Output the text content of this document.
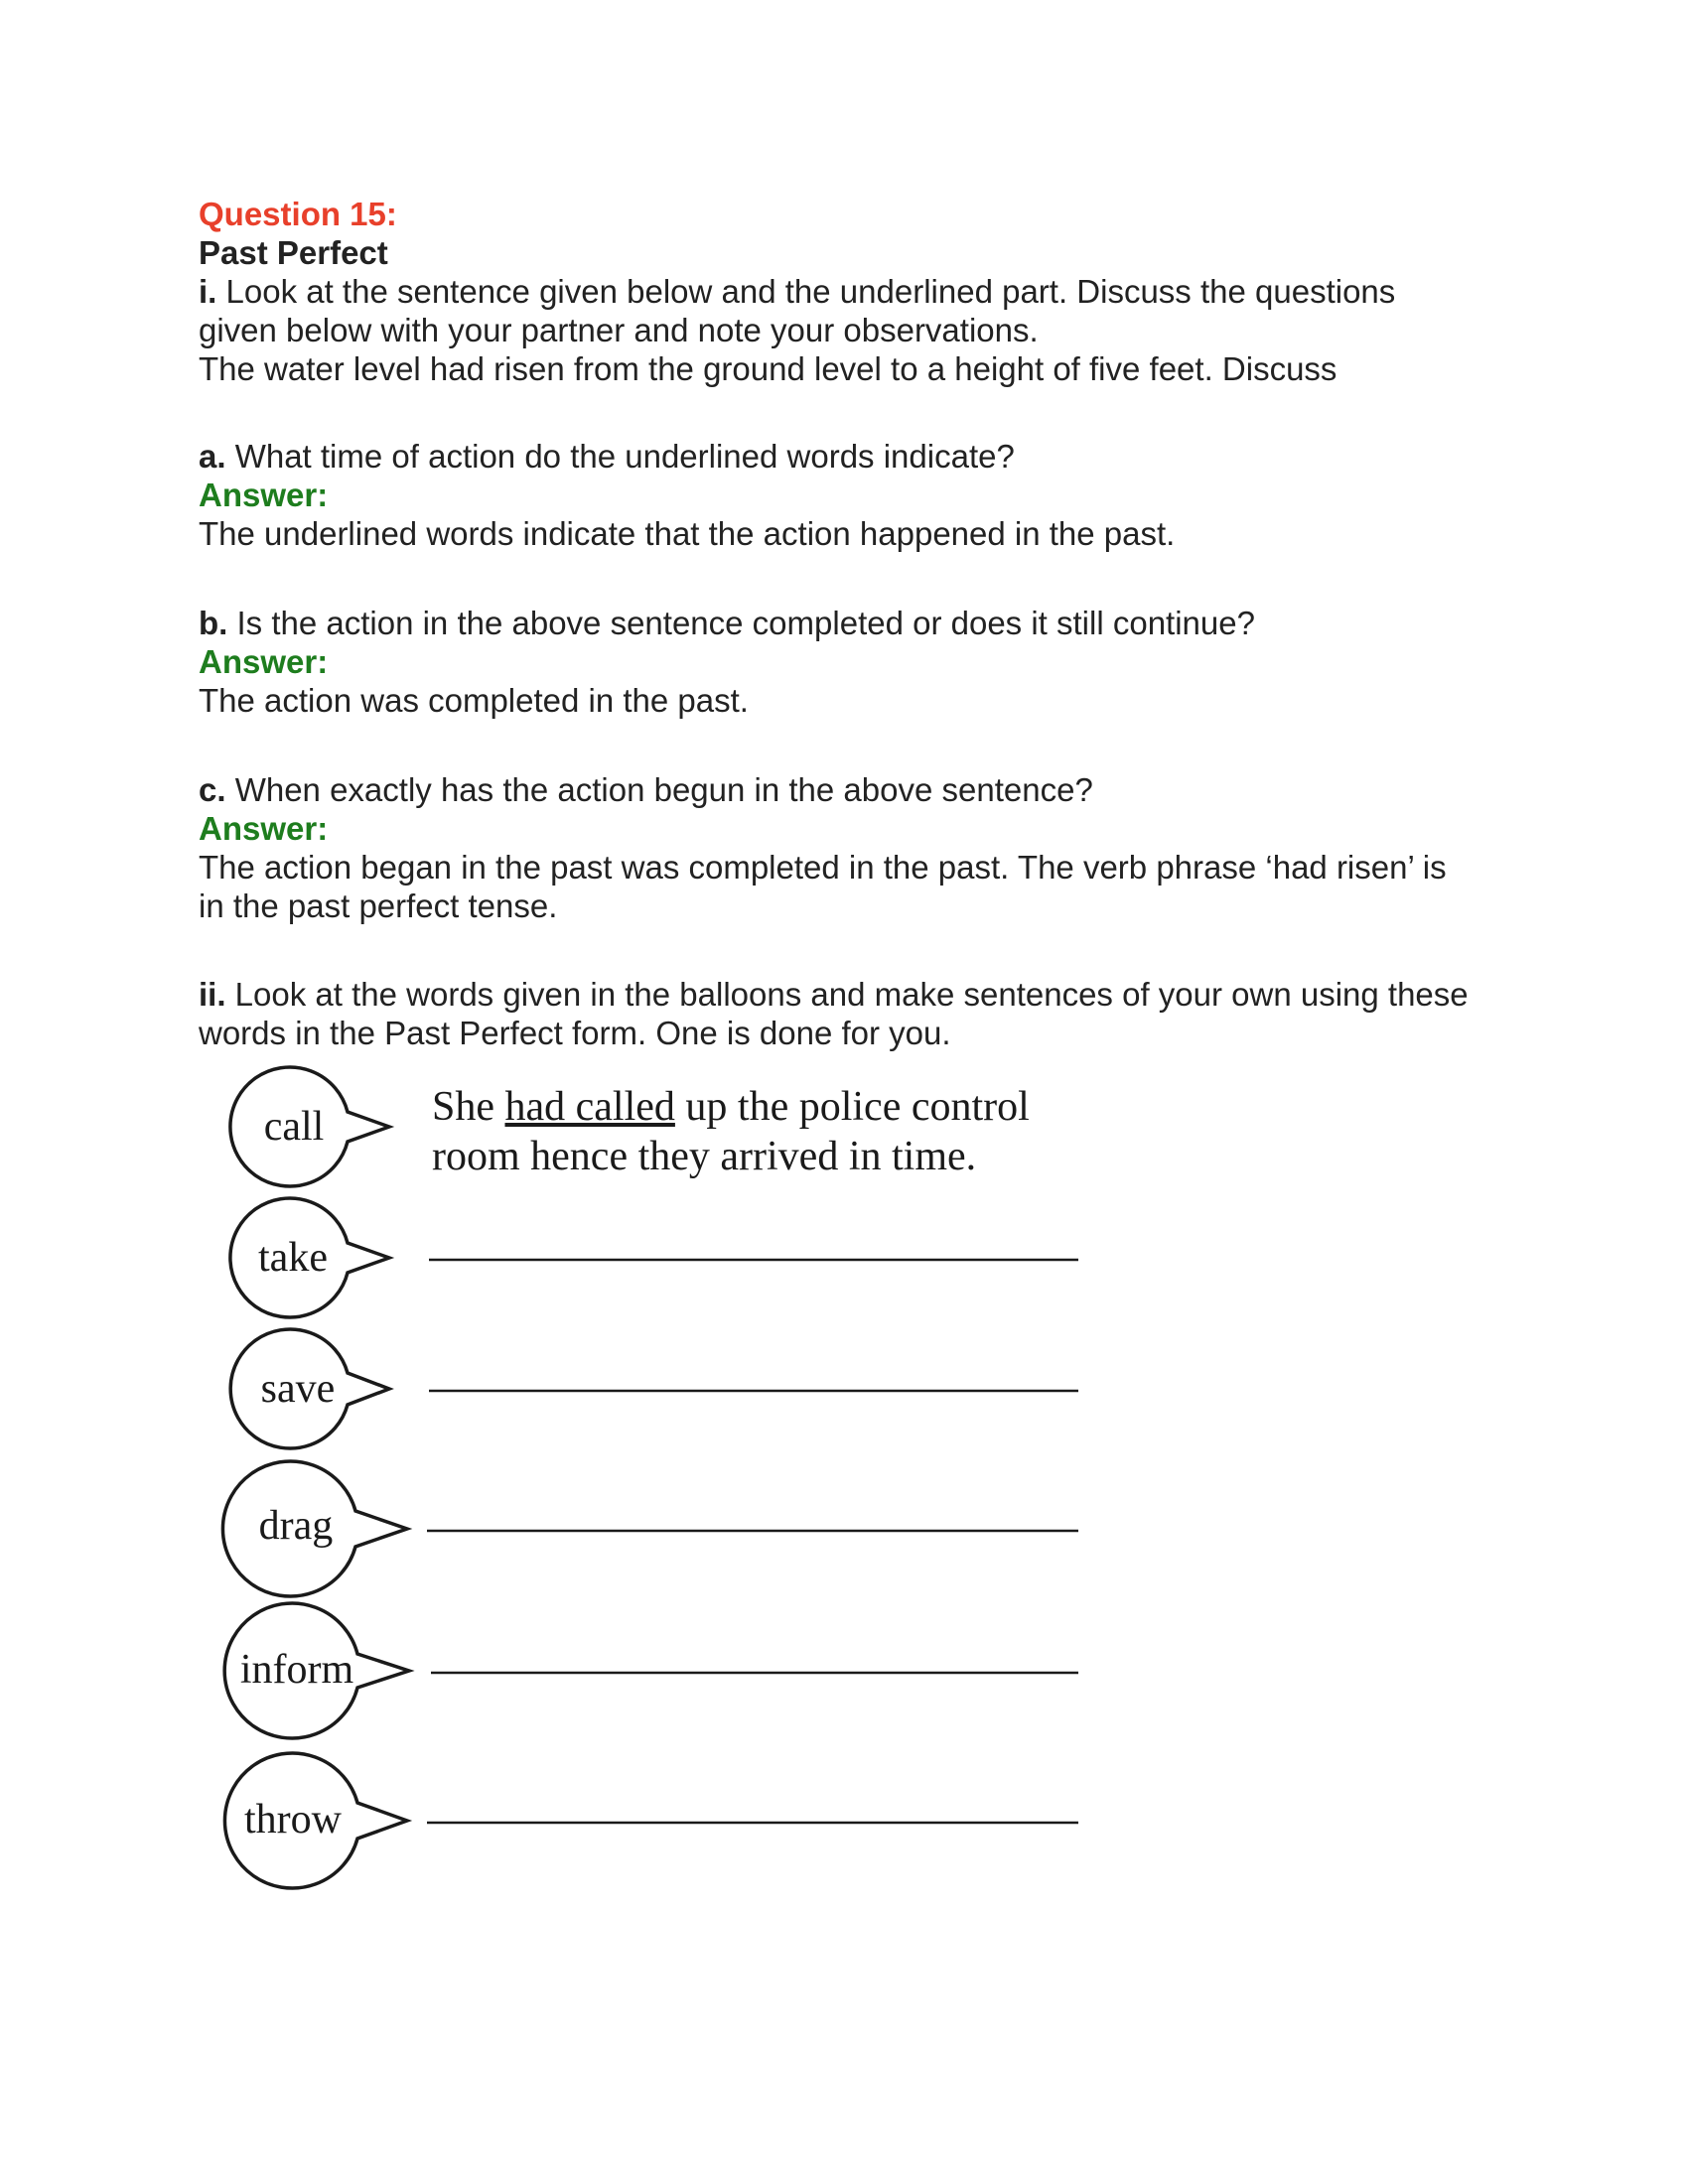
Question 15:
Past Perfect
i. Look at the sentence given below and the underlined part. Discuss the questions
given below with your partner and note your observations.
The water level had risen from the ground level to a height of five feet. Discuss
a. What time of action do the underlined words indicate?
Answer:
The underlined words indicate that the action happened in the past.
b. Is the action in the above sentence completed or does it still continue?
Answer:
The action was completed in the past.
c. When exactly has the action begun in the above sentence?
Answer:
The action began in the past was completed in the past. The verb phrase ‘had risen’ is
in the past perfect tense.
ii. Look at the words given in the balloons and make sentences of your own using these
words in the Past Perfect form. One is done for you.
call
take
save
drag
inform
throw
She had called up the police control
room hence they arrived in time.
